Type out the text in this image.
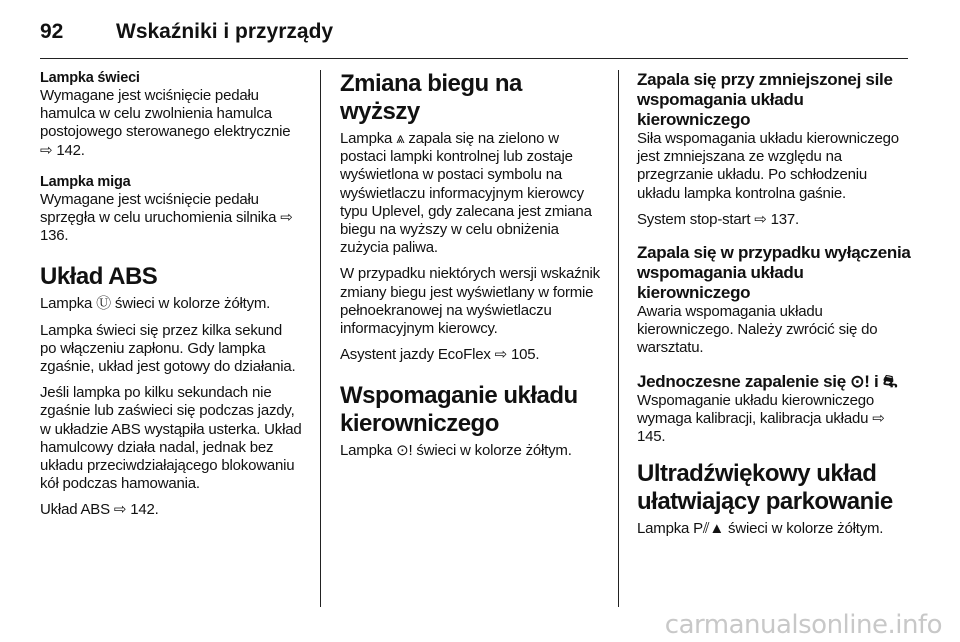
92	Wskaźniki i przyrządy

Lampka świeci

Wymagane jest wciśnięcie pedału hamulca w celu zwolnienia hamulca postojowego sterowanego elektrycznie ⇨ 142.

Lampka miga

Wymagane jest wciśnięcie pedału sprzęgła w celu uruchomienia silnika ⇨ 136.

Układ ABS

Lampka Ⓤ świeci w kolorze żółtym.

Lampka świeci się przez kilka sekund po włączeniu zapłonu. Gdy lampka zgaśnie, układ jest gotowy do działania.

Jeśli lampka po kilku sekundach nie zgaśnie lub zaświeci się podczas jazdy, w układzie ABS wystąpiła usterka. Układ hamulcowy działa nadal, jednak bez układu przeciwdziałającego blokowaniu kół podczas hamowania.

Układ ABS ⇨ 142.

Zmiana biegu na wyższy

Lampka ⩓ zapala się na zielono w postaci lampki kontrolnej lub zostaje wyświetlona w postaci symbolu na wyświetlaczu informacyjnym kierowcy typu Uplevel, gdy zalecana jest zmiana biegu na wyższy w celu obniżenia zużycia paliwa.

W przypadku niektórych wersji wskaźnik zmiany biegu jest wyświetlany w formie pełnoekranowej na wyświetlaczu informacyjnym kierowcy.

Asystent jazdy EcoFlex ⇨ 105.

Wspomaganie układu kierowniczego

Lampka ⊙! świeci w kolorze żółtym.

Zapala się przy zmniejszonej sile wspomagania układu kierowniczego

Siła wspomagania układu kierowniczego jest zmniejszana ze względu na przegrzanie układu. Po schłodzeniu układu lampka kontrolna gaśnie.

System stop-start ⇨ 137.

Zapala się w przypadku wyłączenia wspomagania układu kierowniczego

Awaria wspomagania układu kierowniczego. Należy zwrócić się do warsztatu.

Jednoczesne zapalenie się ⊙! i ⛐

Wspomaganie układu kierowniczego wymaga kalibracji, kalibracja układu ⇨ 145.

Ultradźwiękowy układ ułatwiający parkowanie

Lampka P⫽▲ świeci w kolorze żółtym.

carmanualsonline.info
